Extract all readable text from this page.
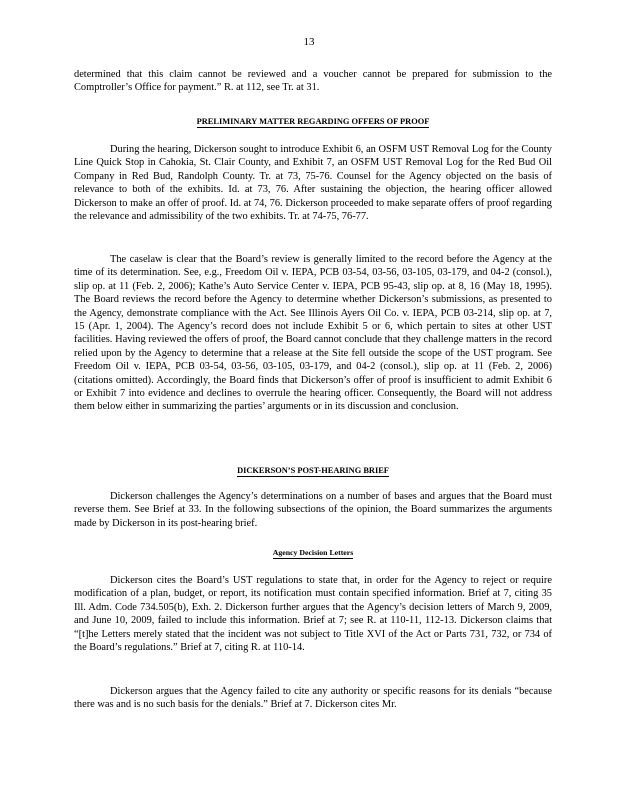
13

determined that this claim cannot be reviewed and a voucher cannot be prepared for submission to the Comptroller’s Office for payment.” R. at 112, see Tr. at 31.

PRELIMINARY MATTER REGARDING OFFERS OF PROOF

During the hearing, Dickerson sought to introduce Exhibit 6, an OSFM UST Removal Log for the County Line Quick Stop in Cahokia, St. Clair County, and Exhibit 7, an OSFM UST Removal Log for the Red Bud Oil Company in Red Bud, Randolph County. Tr. at 73, 75-76. Counsel for the Agency objected on the basis of relevance to both of the exhibits. Id. at 73, 76. After sustaining the objection, the hearing officer allowed Dickerson to make an offer of proof. Id. at 74, 76. Dickerson proceeded to make separate offers of proof regarding the relevance and admissibility of the two exhibits. Tr. at 74-75, 76-77.

The caselaw is clear that the Board’s review is generally limited to the record before the Agency at the time of its determination. See, e.g., Freedom Oil v. IEPA, PCB 03-54, 03-56, 03-105, 03-179, and 04-2 (consol.), slip op. at 11 (Feb. 2, 2006); Kathe’s Auto Service Center v. IEPA, PCB 95-43, slip op. at 8, 16 (May 18, 1995). The Board reviews the record before the Agency to determine whether Dickerson’s submissions, as presented to the Agency, demonstrate compliance with the Act. See Illinois Ayers Oil Co. v. IEPA, PCB 03-214, slip op. at 7, 15 (Apr. 1, 2004). The Agency’s record does not include Exhibit 5 or 6, which pertain to sites at other UST facilities. Having reviewed the offers of proof, the Board cannot conclude that they challenge matters in the record relied upon by the Agency to determine that a release at the Site fell outside the scope of the UST program. See Freedom Oil v. IEPA, PCB 03-54, 03-56, 03-105, 03-179, and 04-2 (consol.), slip op. at 11 (Feb. 2, 2006) (citations omitted). Accordingly, the Board finds that Dickerson’s offer of proof is insufficient to admit Exhibit 6 or Exhibit 7 into evidence and declines to overrule the hearing officer. Consequently, the Board will not address them below either in summarizing the parties’ arguments or in its discussion and conclusion.

DICKERSON’S POST-HEARING BRIEF

Dickerson challenges the Agency’s determinations on a number of bases and argues that the Board must reverse them. See Brief at 33. In the following subsections of the opinion, the Board summarizes the arguments made by Dickerson in its post-hearing brief.

Agency Decision Letters

Dickerson cites the Board’s UST regulations to state that, in order for the Agency to reject or require modification of a plan, budget, or report, its notification must contain specified information. Brief at 7, citing 35 Ill. Adm. Code 734.505(b), Exh. 2. Dickerson further argues that the Agency’s decision letters of March 9, 2009, and June 10, 2009, failed to include this information. Brief at 7; see R. at 110-11, 112-13. Dickerson claims that “[t]he Letters merely stated that the incident was not subject to Title XVI of the Act or Parts 731, 732, or 734 of the Board’s regulations.” Brief at 7, citing R. at 110-14.

Dickerson argues that the Agency failed to cite any authority or specific reasons for its denials “because there was and is no such basis for the denials.” Brief at 7. Dickerson cites Mr.
